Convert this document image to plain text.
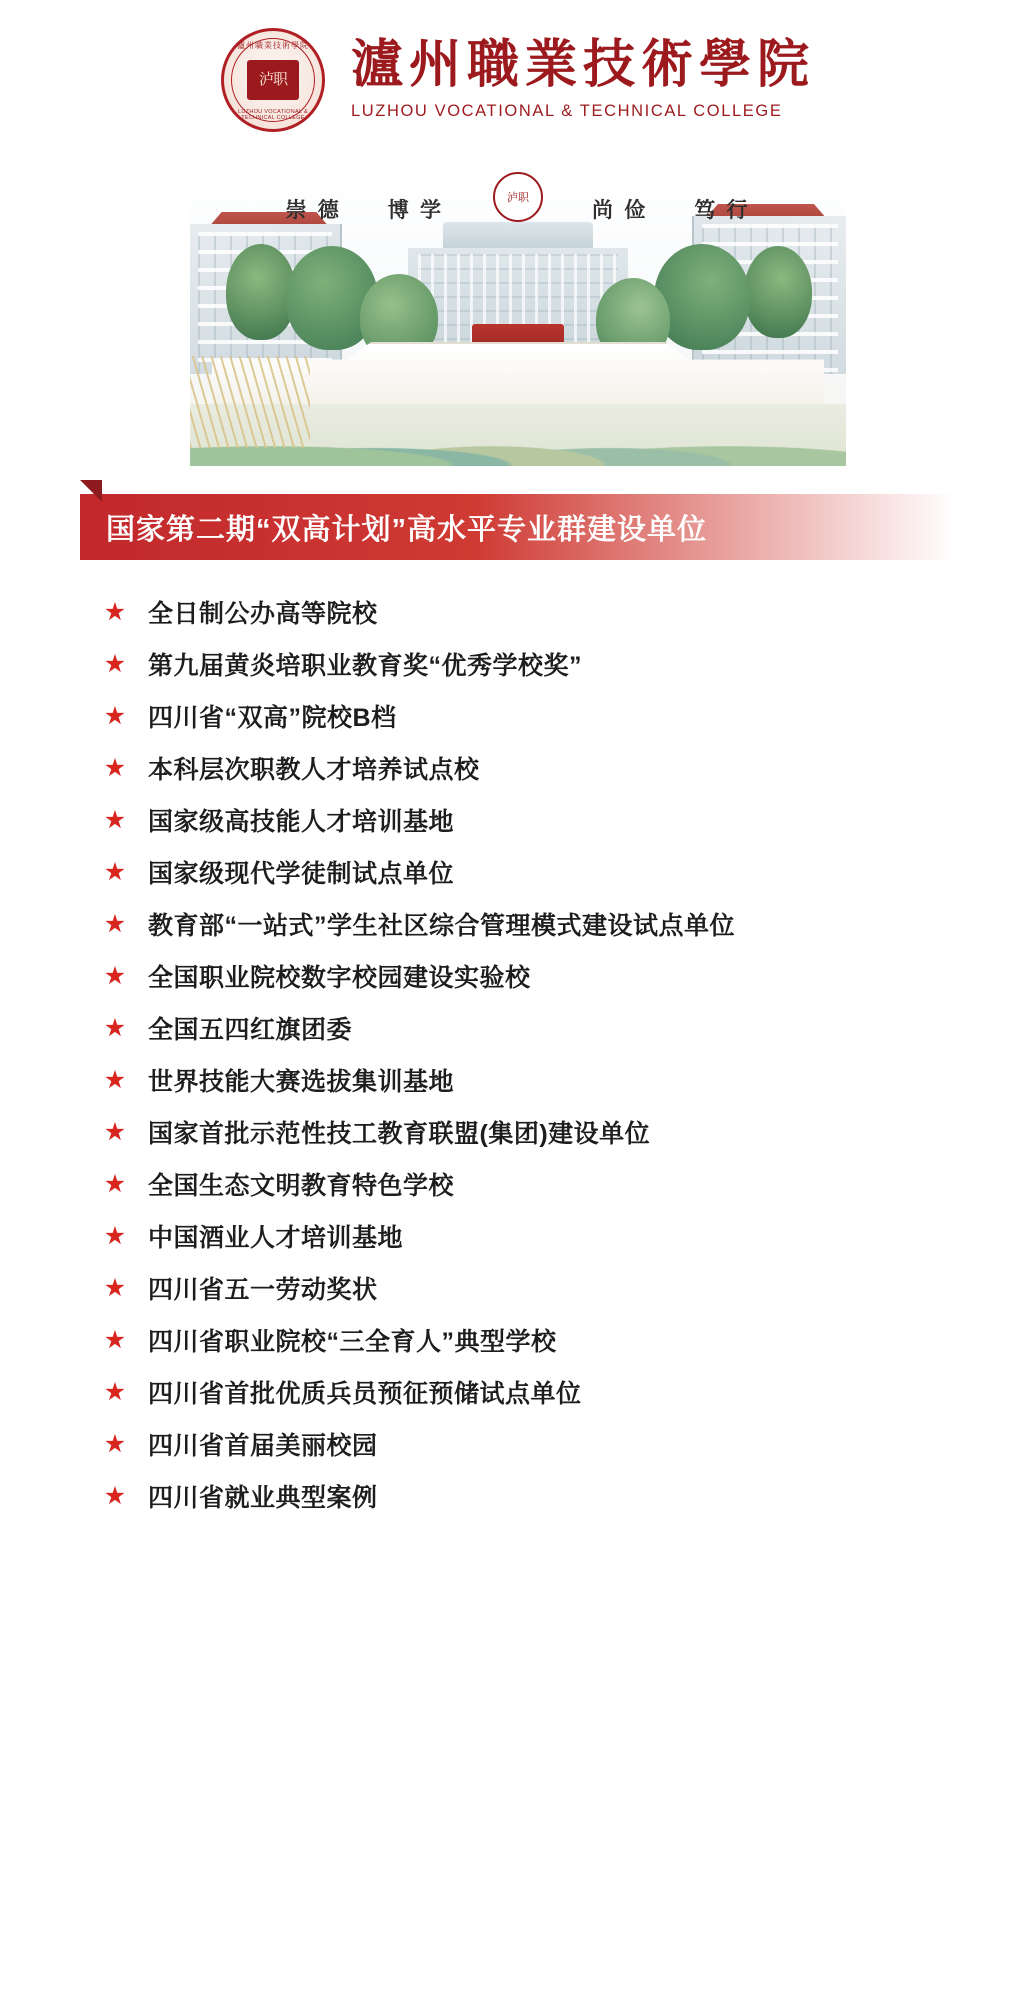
瀘州職業技術學院
泸职
LUZHOU VOCATIONAL & TECHNICAL COLLEGE
瀘州職業技術學院
LUZHOU VOCATIONAL & TECHNICAL COLLEGE
泸职
崇 德 博 学	尚 俭 笃 行
国家第二期“双高计划”高水平专业群建设单位
★ 全日制公办高等院校
★ 第九届黄炎培职业教育奖“优秀学校奖”
★ 四川省“双高”院校B档
★ 本科层次职教人才培养试点校
★ 国家级高技能人才培训基地
★ 国家级现代学徒制试点单位
★ 教育部“一站式”学生社区综合管理模式建设试点单位
★ 全国职业院校数字校园建设实验校
★ 全国五四红旗团委
★ 世界技能大赛选拔集训基地
★ 国家首批示范性技工教育联盟(集团)建设单位
★ 全国生态文明教育特色学校
★ 中国酒业人才培训基地
★ 四川省五一劳动奖状
★ 四川省职业院校“三全育人”典型学校
★ 四川省首批优质兵员预征预储试点单位
★ 四川省首届美丽校园
★ 四川省就业典型案例
